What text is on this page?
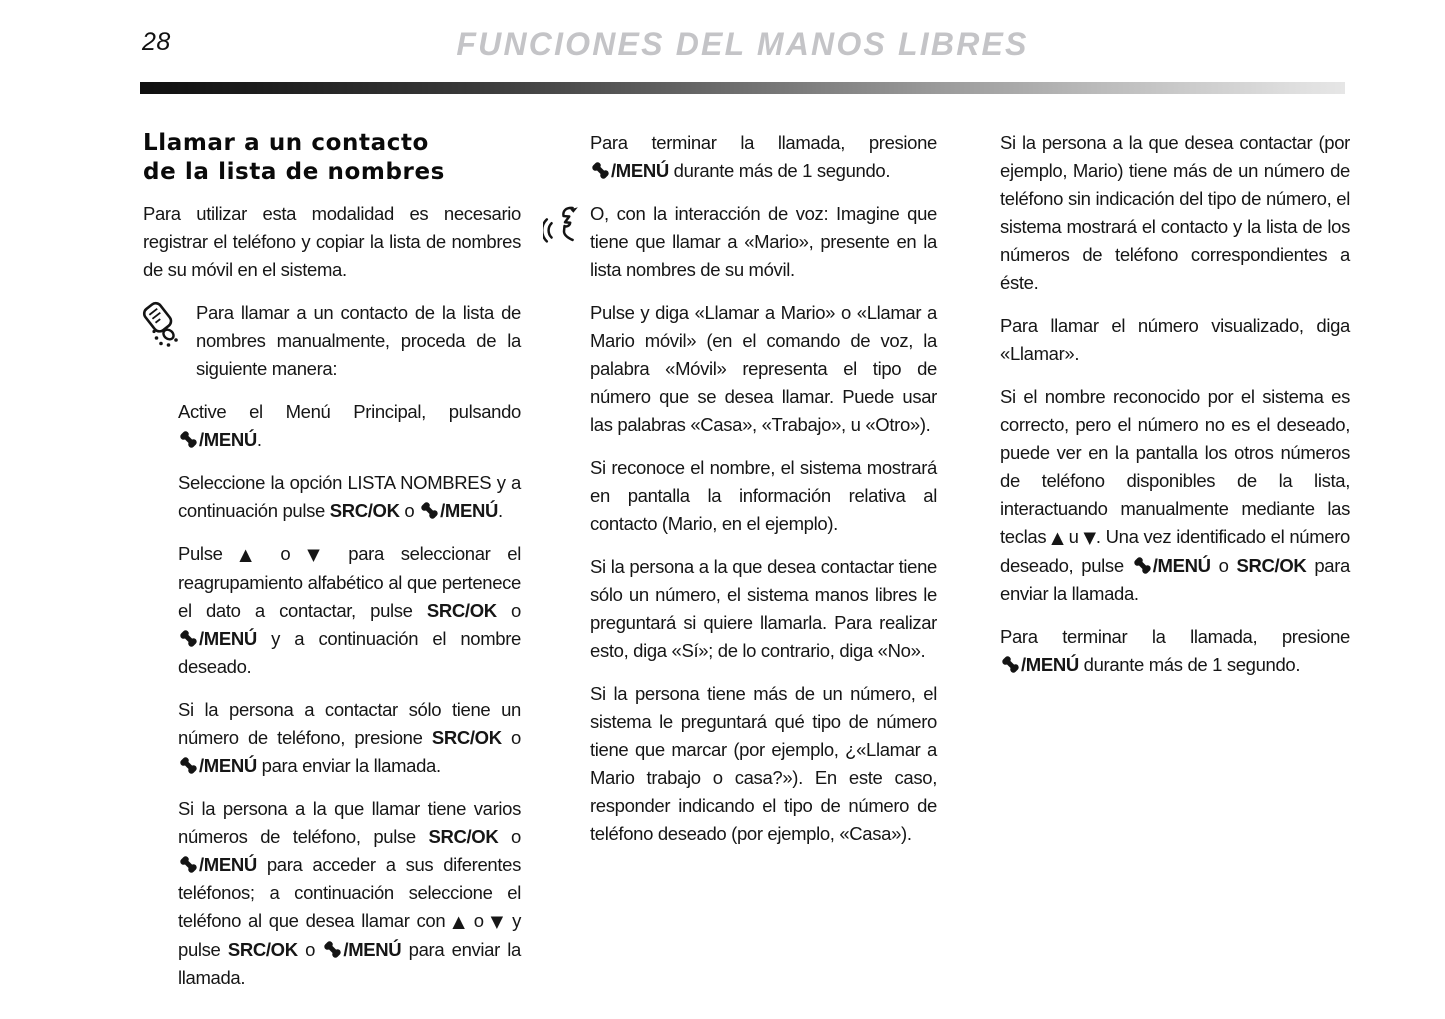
28	FUNCIONES DEL MANOS LIBRES
Llamar a un contacto
de la lista de nombres

Para utilizar esta modalidad es necesario registrar el teléfono y copiar la lista de nombres de su móvil en el sistema.

Para llamar a un contacto de la lista de nombres manualmente, proceda de la siguiente manera:

Active el Menú Principal, pulsando
/MENÚ.

Seleccione la opción LISTA NOMBRES y a continuación pulse SRC/OK o
/MENÚ.

Pulse ▲ o ▼ para seleccionar el reagrupamiento alfabético al que pertenece el dato a contactar, pulse SRC/OK o
/MENÚ y a continuación el nombre deseado.

Si la persona a contactar sólo tiene un número de teléfono, presione SRC/OK o
/MENÚ para enviar la llamada.

Si la persona a la que llamar tiene varios números de teléfono, pulse SRC/OK o
/MENÚ para acceder a sus diferentes teléfonos; a continuación seleccione el teléfono al que desea llamar con ▲ o ▼ y pulse SRC/OK o
/MENÚ para enviar la llamada.

Para terminar la llamada, presione
/MENÚ durante más de 1 segundo.

O, con la interacción de voz: Imagine que tiene que llamar a «Mario», presente en la lista nombres de su móvil.

Pulse y diga «Llamar a Mario» o «Llamar a Mario móvil» (en el comando de voz, la palabra «Móvil» representa el tipo de número que se desea llamar. Puede usar las palabras «Casa», «Trabajo», u «Otro»).

Si reconoce el nombre, el sistema mostrará en pantalla la información relativa al contacto (Mario, en el ejemplo).

Si la persona a la que desea contactar tiene sólo un número, el sistema manos libres le preguntará si quiere llamarla. Para realizar esto, diga «Sí»; de lo contrario, diga «No».

Si la persona tiene más de un número, el sistema le preguntará qué tipo de número tiene que marcar (por ejemplo, ¿«Llamar a Mario trabajo o casa?»). En este caso, responder indicando el tipo de número de teléfono deseado (por ejemplo, «Casa»).

Si la persona a la que desea contactar (por ejemplo, Mario) tiene más de un número de teléfono sin indicación del tipo de número, el sistema mostrará el contacto y la lista de los números de teléfono correspondientes a éste.

Para llamar el número visualizado, diga «Llamar».

Si el nombre reconocido por el sistema es correcto, pero el número no es el deseado, puede ver en la pantalla los otros números de teléfono disponibles de la lista, interactuando manualmente mediante las teclas ▲ u ▼. Una vez identificado el número deseado, pulse
/MENÚ o SRC/OK para enviar la llamada.

Para terminar la llamada, presione
/MENÚ durante más de 1 segundo.
